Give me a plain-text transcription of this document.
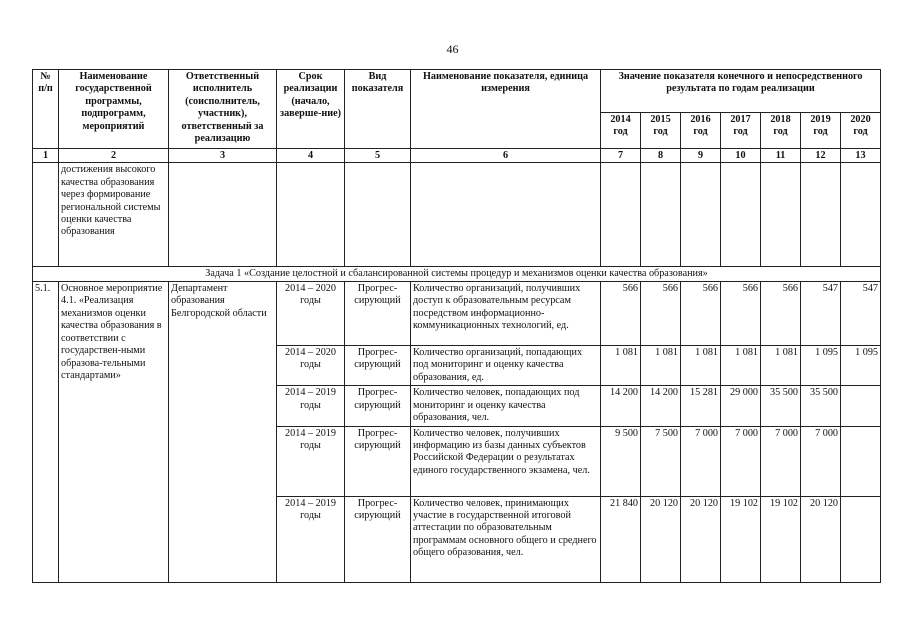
46
№ п/п	Наименование государственной программы, подпрограмм, мероприятий	Ответственный исполнитель (соисполнитель, участник), ответственный за реализацию	Срок реализации (начало, заверше-ние)	Вид показателя	Наименование показателя, единица измерения	Значение показателя конечного и непосредственного результата по годам реализации						
						2014 год	2015 год	2016 год	2017 год	2018 год	2019 год	2020 год
1	2	3	4	5	6	7	8	9	10	11	12	13
	достижения высокого качества образования через формирование региональной системы оценки качества образования											
Задача 1 «Создание целостной и сбалансированной системы процедур и механизмов оценки качества образования»												
5.1.	Основное мероприятие 4.1. «Реализация механизмов оценки качества образования в соответствии с государствен-ными образова-тельными стандартами»	Департамент образования Белгородской области	2014 – 2020 годы	Прогрес-сирующий	Количество организаций, получивших доступ к образовательным ресурсам посредством информационно-коммуникационных технологий, ед.	566	566	566	566	566	547	547
			2014 – 2020 годы	Прогрес-сирующий	Количество организаций, попадающих под мониторинг и оценку качества образования, ед.	1 081	1 081	1 081	1 081	1 081	1 095	1 095
			2014 – 2019 годы	Прогрес-сирующий	Количество человек, попадающих под мониторинг и оценку качества образования, чел.	14 200	14 200	15 281	29 000	35 500	35 500	
			2014 – 2019 годы	Прогрес-сирующий	Количество человек, получивших информацию из базы данных субъектов Российской Федерации о результатах единого государственного экзамена, чел.	9 500	7 500	7 000	7 000	7 000	7 000	
			2014 – 2019 годы	Прогрес-сирующий	Количество человек, принимающих участие в государственной итоговой аттестации по образовательным программам основного общего и среднего общего образования, чел.	21 840	20 120	20 120	19 102	19 102	20 120	
